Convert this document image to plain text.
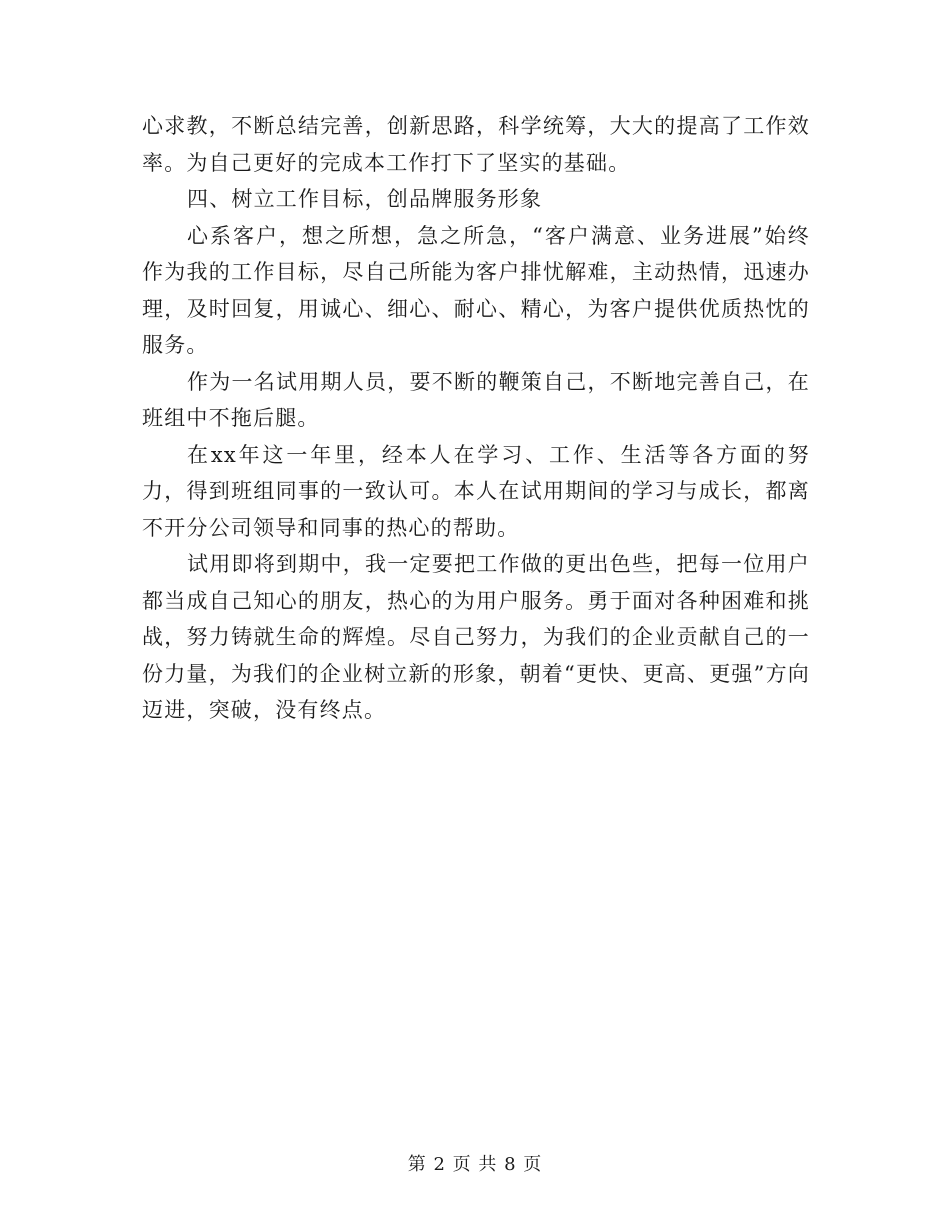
心求教，不断总结完善，创新思路，科学统筹，大大的提高了工作效率。为自己更好的完成本工作打下了坚实的基础。

四、树立工作目标，创品牌服务形象

心系客户，想之所想，急之所急，“客户满意、业务进展”始终作为我的工作目标，尽自己所能为客户排忧解难，主动热情，迅速办理，及时回复，用诚心、细心、耐心、精心，为客户提供优质热忱的服务。

作为一名试用期人员，要不断的鞭策自己，不断地完善自己，在班组中不拖后腿。

在xx年这一年里，经本人在学习、工作、生活等各方面的努力，得到班组同事的一致认可。本人在试用期间的学习与成长，都离不开分公司领导和同事的热心的帮助。

试用即将到期中，我一定要把工作做的更出色些，把每一位用户都当成自己知心的朋友，热心的为用户服务。勇于面对各种困难和挑战，努力铸就生命的辉煌。尽自己努力，为我们的企业贡献自己的一份力量，为我们的企业树立新的形象，朝着“更快、更高、更强”方向迈进，突破，没有终点。

第 2 页 共 8 页
